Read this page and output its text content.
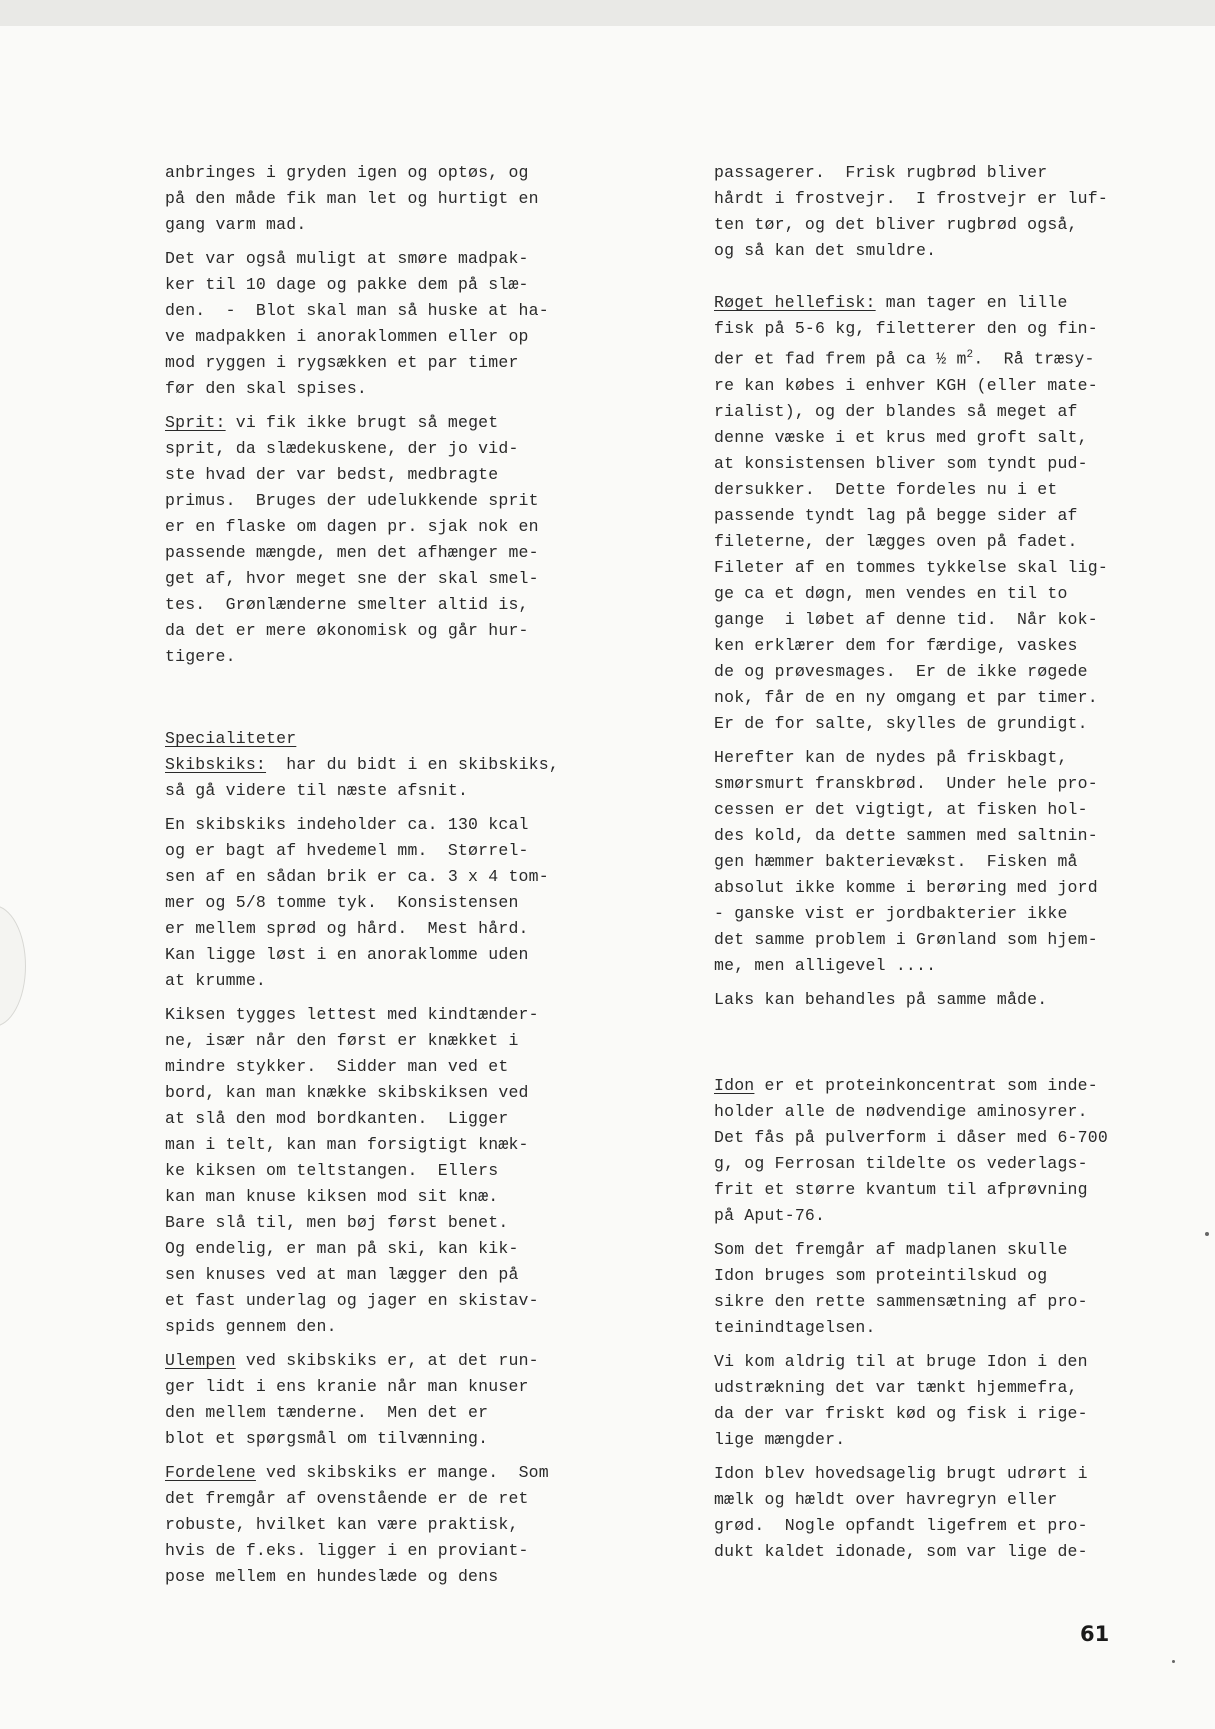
anbringes i gryden igen og optøs, og
på den måde fik man let og hurtigt en
gang varm mad.
Det var også muligt at smøre madpak-
ker til 10 dage og pakke dem på slæ-
den.  -  Blot skal man så huske at ha-
ve madpakken i anoraklommen eller op
mod ryggen i rygsækken et par timer
før den skal spises.
Sprit: vi fik ikke brugt så meget
sprit, da slædekuskene, der jo vid-
ste hvad der var bedst, medbragte
primus.  Bruges der udelukkende sprit
er en flaske om dagen pr. sjak nok en
passende mængde, men det afhænger me-
get af, hvor meget sne der skal smel-
tes.  Grønlænderne smelter altid is,
da det er mere økonomisk og går hur-
tigere.
Specialiteter
Skibskiks:  har du bidt i en skibskiks,
så gå videre til næste afsnit.
En skibskiks indeholder ca. 130 kcal
og er bagt af hvedemel mm.  Størrel-
sen af en sådan brik er ca. 3 x 4 tom-
mer og 5/8 tomme tyk.  Konsistensen
er mellem sprød og hård.  Mest hård.
Kan ligge løst i en anoraklomme uden
at krumme.
Kiksen tygges lettest med kindtænder-
ne, især når den først er knækket i
mindre stykker.  Sidder man ved et
bord, kan man knække skibskiksen ved
at slå den mod bordkanten.  Ligger
man i telt, kan man forsigtigt knæk-
ke kiksen om teltstangen.  Ellers
kan man knuse kiksen mod sit knæ.
Bare slå til, men bøj først benet.
Og endelig, er man på ski, kan kik-
sen knuses ved at man lægger den på
et fast underlag og jager en skistav-
spids gennem den.
Ulempen ved skibskiks er, at det run-
ger lidt i ens kranie når man knuser
den mellem tænderne.  Men det er
blot et spørgsmål om tilvænning.
Fordelene ved skibskiks er mange.  Som
det fremgår af ovenstående er de ret
robuste, hvilket kan være praktisk,
hvis de f.eks. ligger i en proviant-
pose mellem en hundeslæde og dens
passagerer.  Frisk rugbrød bliver
hårdt i frostvejr.  I frostvejr er luf-
ten tør, og det bliver rugbrød også,
og så kan det smuldre.
Røget hellefisk: man tager en lille
fisk på 5-6 kg, filetterer den og fin-
der et fad frem på ca ½ $m^2$.  Rå træsy-
re kan købes i enhver KGH (eller mate-
rialist), og der blandes så meget af
denne væske i et krus med groft salt,
at konsistensen bliver som tyndt pud-
dersukker.  Dette fordeles nu i et
passende tyndt lag på begge sider af
fileterne, der lægges oven på fadet.
Fileter af en tommes tykkelse skal lig-
ge ca et døgn, men vendes en til to
gange  i løbet af denne tid.  Når kok-
ken erklærer dem for færdige, vaskes
de og prøvesmages.  Er de ikke røgede
nok, får de en ny omgang et par timer.
Er de for salte, skylles de grundigt.
Herefter kan de nydes på friskbagt,
smørsmurt franskbrød.  Under hele pro-
cessen er det vigtigt, at fisken hol-
des kold, da dette sammen med saltnin-
gen hæmmer bakterievækst.  Fisken må
absolut ikke komme i berøring med jord
- ganske vist er jordbakterier ikke
det samme problem i Grønland som hjem-
me, men alligevel ....
Laks kan behandles på samme måde.
Idon er et proteinkoncentrat som inde-
holder alle de nødvendige aminosyrer.
Det fås på pulverform i dåser med 6-700
g, og Ferrosan tildelte os vederlags-
frit et større kvantum til afprøvning
på Aput-76.
Som det fremgår af madplanen skulle
Idon bruges som proteintilskud og
sikre den rette sammensætning af pro-
teinindtagelsen.
Vi kom aldrig til at bruge Idon i den
udstrækning det var tænkt hjemmefra,
da der var friskt kød og fisk i rige-
lige mængder.
Idon blev hovedsagelig brugt udrørt i
mælk og hældt over havregryn eller
grød.  Nogle opfandt ligefrem et pro-
dukt kaldet idonade, som var lige de-
61
